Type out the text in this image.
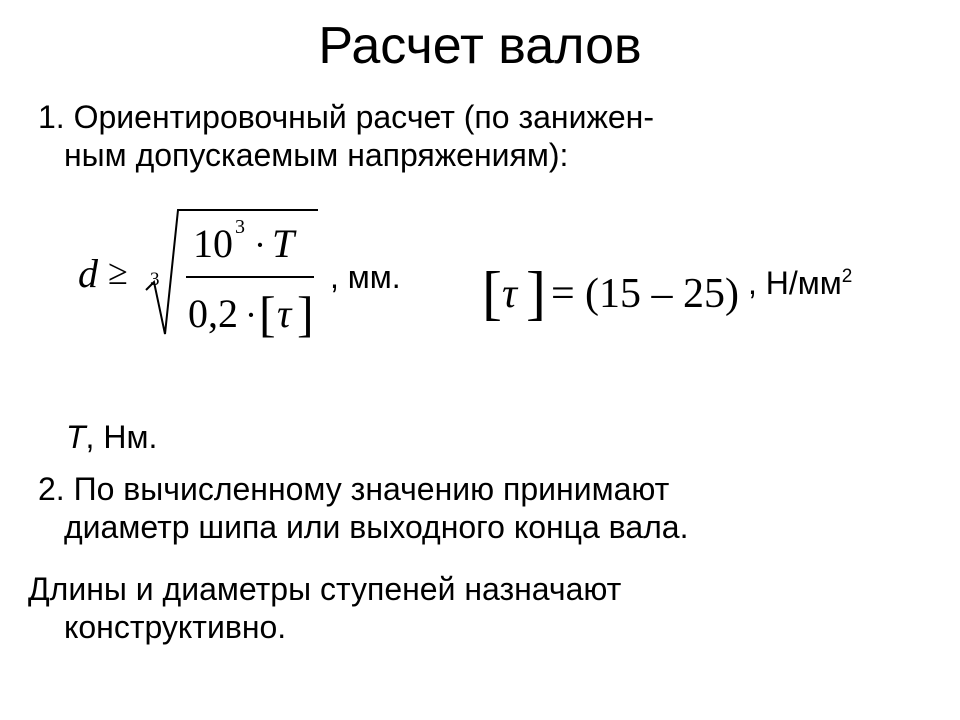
Расчет валов
1. Ориентировочный расчет (по занижен-
ным допускаемым напряжениям):
d ≥ 3
10 3 · T
0,2 · [ τ ]	[ τ ] = (15 – 25)
, мм.	, $Н/мм^2$
T, Нм.
2. По вычисленному значению принимают
диаметр шипа или выходного конца вала.
Длины и диаметры ступеней назначают
конструктивно.
